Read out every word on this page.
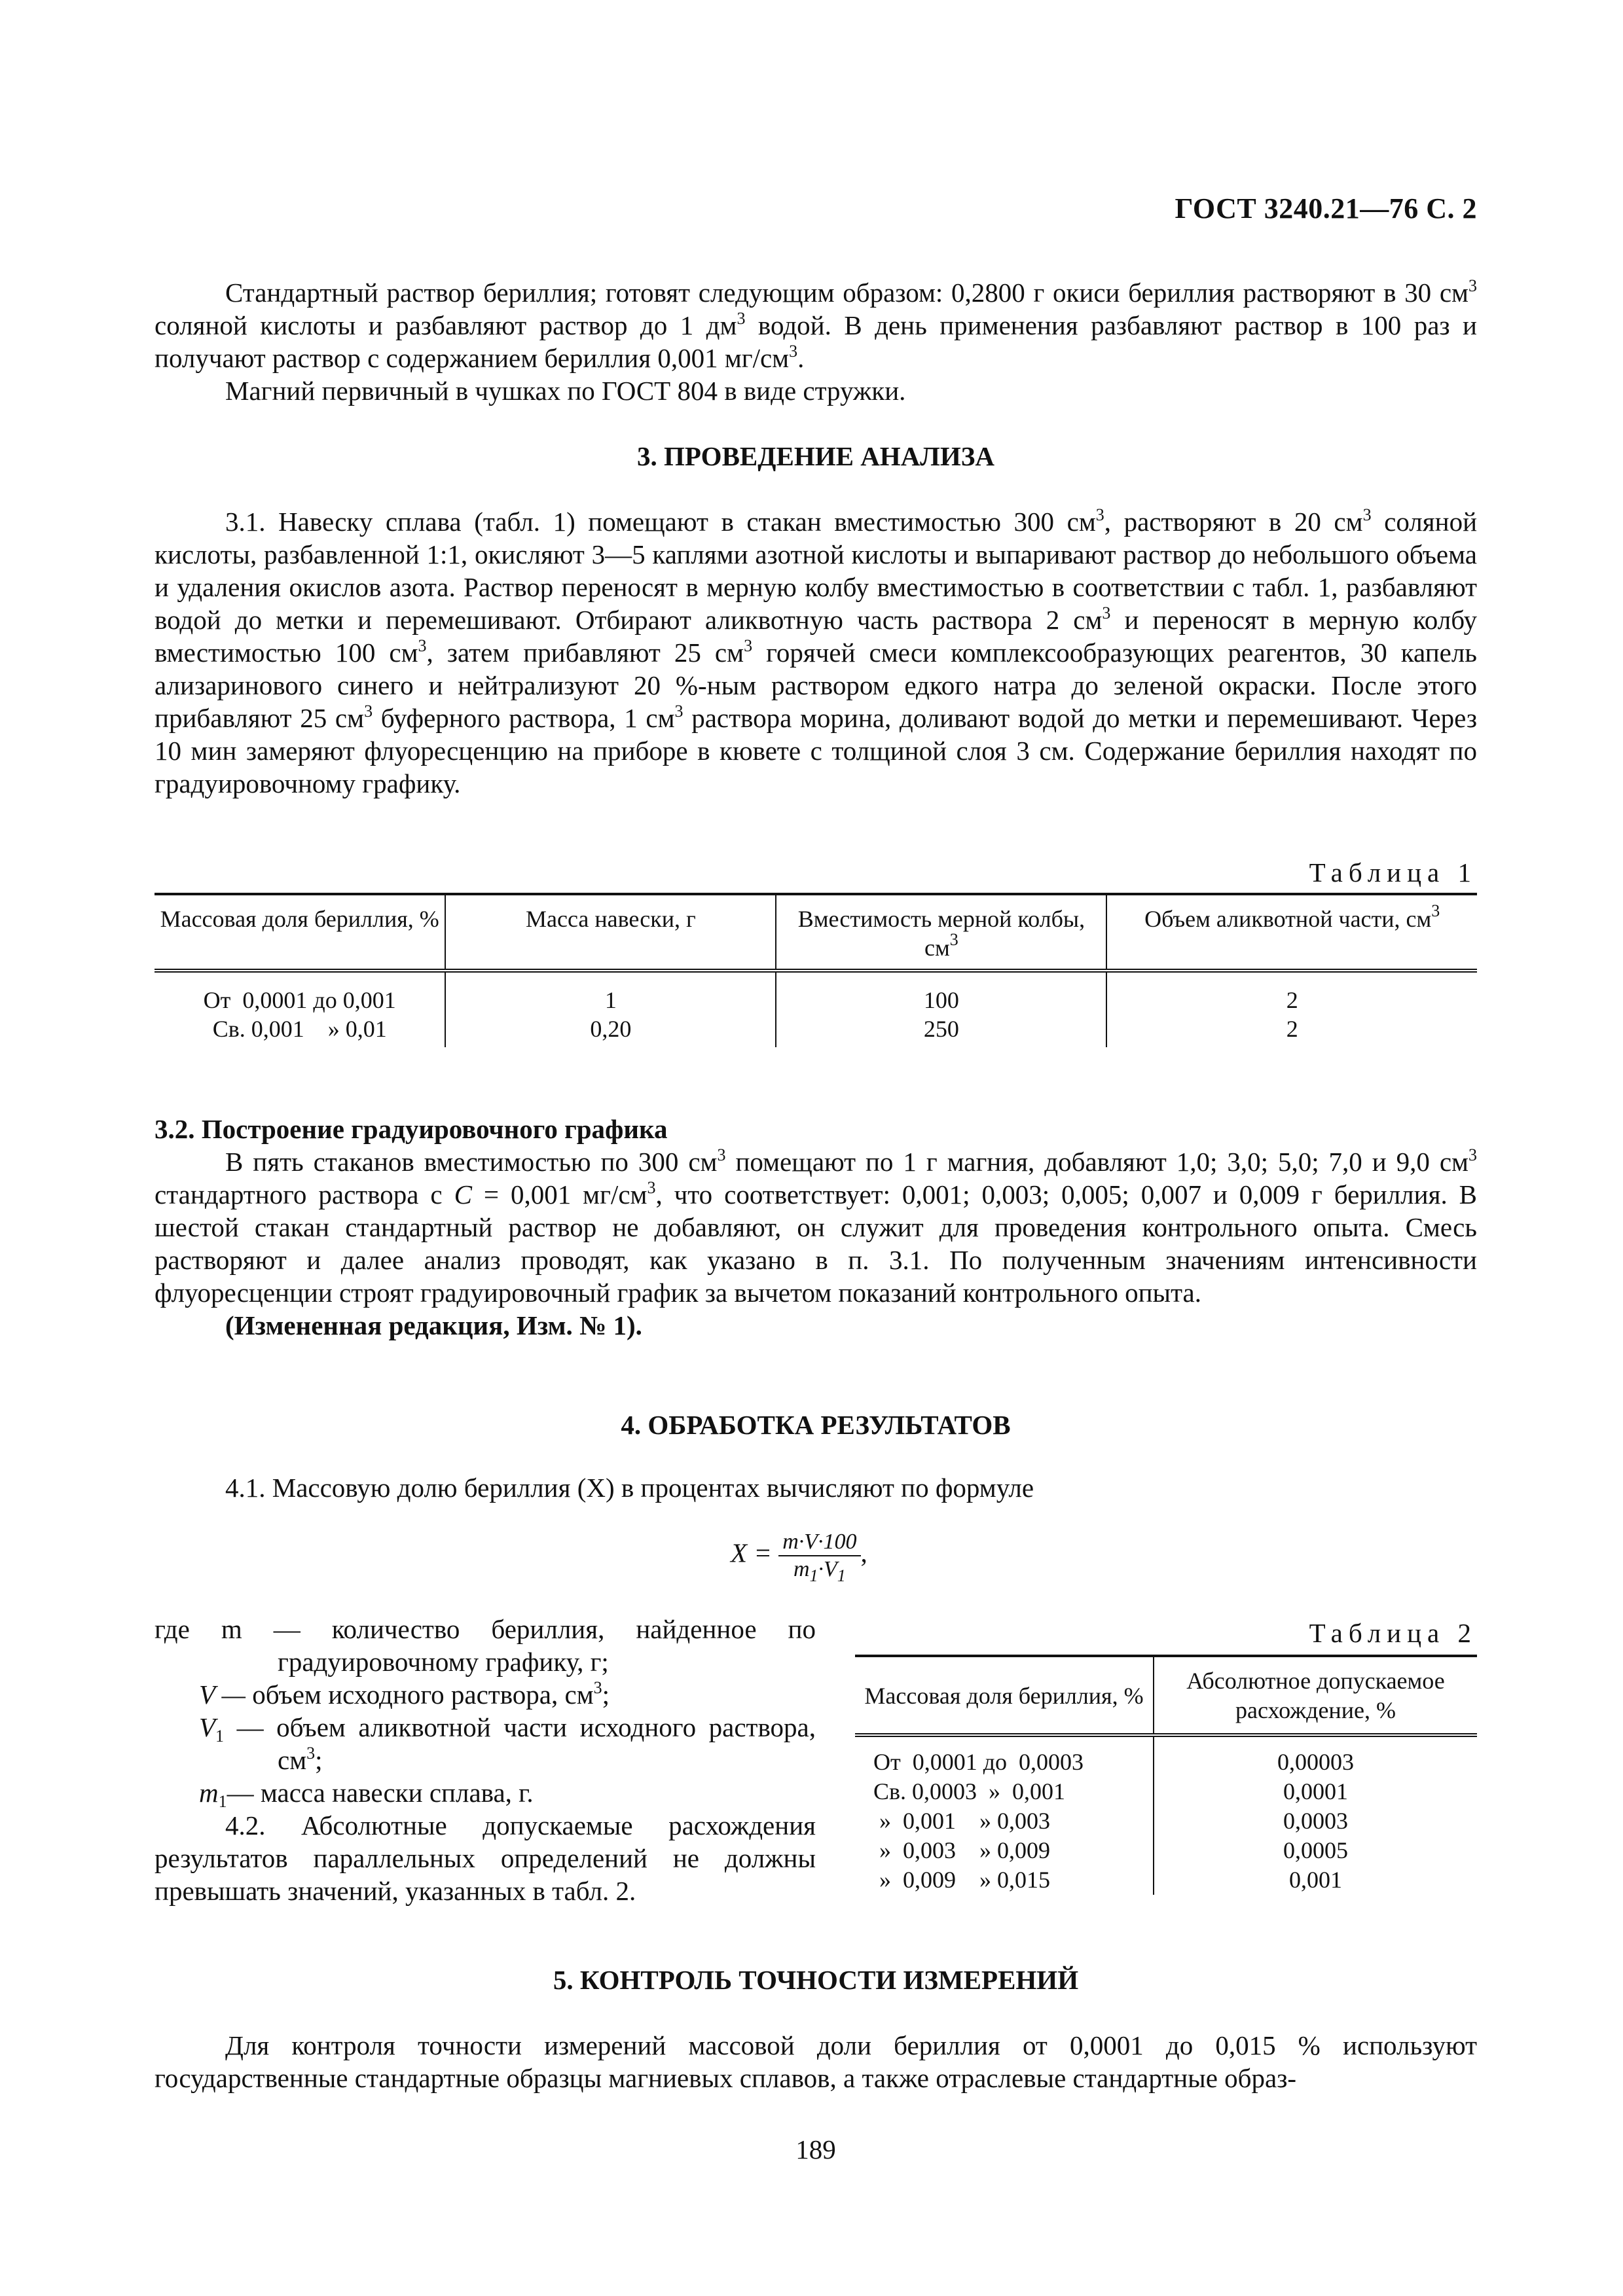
ГОСТ 3240.21—76 С. 2

Стандартный раствор бериллия; готовят следующим образом: 0,2800 г окиси бериллия растворяют в 30 $см^3$ соляной кислоты и разбавляют раствор до 1 $дм^3$ водой. В день применения разбавляют раствор в 100 раз и получают раствор с содержанием бериллия 0,001 $мг/см^3$.

Магний первичный в чушках по ГОСТ 804 в виде стружки.

3. ПРОВЕДЕНИЕ АНАЛИЗА

3.1. Навеску сплава (табл. 1) помещают в стакан вместимостью 300 $см^3$, растворяют в 20 $см^3$ соляной кислоты, разбавленной 1:1, окисляют 3—5 каплями азотной кислоты и выпаривают раствор до небольшого объема и удаления окислов азота. Раствор переносят в мерную колбу вместимостью в соответствии с табл. 1, разбавляют водой до метки и перемешивают. Отбирают аликвотную часть раствора 2 $см^3$ и переносят в мерную колбу вместимостью 100 $см^3$, затем прибавляют 25 $см^3$ горячей смеси комплексообразующих реагентов, 30 капель ализаринового синего и нейтрализуют 20 %-ным раствором едкого натра до зеленой окраски. После этого прибавляют 25 $см^3$ буферного раствора, 1 $см^3$ раствора морина, доливают водой до метки и перемешивают. Через 10 мин замеряют флуоресценцию на приборе в кювете с толщиной слоя 3 см. Содержание бериллия находят по градуировочному графику.

Таблица 1
Массовая доля бериллия, %	Масса навески, г	Вместимость мерной колбы, $см^3$	Объем аликвотной части, $см^3$
От  0,0001 до 0,001	1	100	2
Св. 0,001    » 0,01	0,20	250	2

3.2. Построение градуировочного графика

В пять стаканов вместимостью по 300 $см^3$ помещают по 1 г магния, добавляют 1,0; 3,0; 5,0; 7,0 и 9,0 $см^3$ стандартного раствора с C = 0,001 $мг/см^3$, что соответствует: 0,001; 0,003; 0,005; 0,007 и 0,009 г бериллия. В шестой стакан стандартный раствор не добавляют, он служит для проведения контрольного опыта. Смесь растворяют и далее анализ проводят, как указано в п. 3.1. По полученным значениям интенсивности флуоресценции строят градуировочный график за вычетом показаний контрольного опыта.

(Измененная редакция, Изм. № 1).

4. ОБРАБОТКА РЕЗУЛЬТАТОВ

4.1. Массовую долю бериллия (X) в процентах вычисляют по формуле

$X = \frac{m\cdot V\cdot 100}{m_1\cdot V_1}$ ,

где m — количество бериллия, найденное по градуировочному графику, г;

V — объем исходного раствора, $см^3$;

$V_1$ — объем аликвотной части исходного раствора, $см^3$;

$m_1—$ масса навески сплава, г.

4.2. Абсолютные допускаемые расхождения результатов параллельных определений не должны превышать значений, указанных в табл. 2.

Таблица 2
Массовая доля бериллия, %	Абсолютное допускаемое расхождение, %
От  0,0001 до  0,0003	0,00003
Св. 0,0003  »  0,001	0,0001
»  0,001    » 0,003	0,0003
»  0,003    » 0,009	0,0005
»  0,009    » 0,015	0,001
5. КОНТРОЛЬ ТОЧНОСТИ ИЗМЕРЕНИЙ

Для контроля точности измерений массовой доли бериллия от 0,0001 до 0,015 % используют государственные стандартные образцы магниевых сплавов, а также отраслевые стандартные образ-

189
